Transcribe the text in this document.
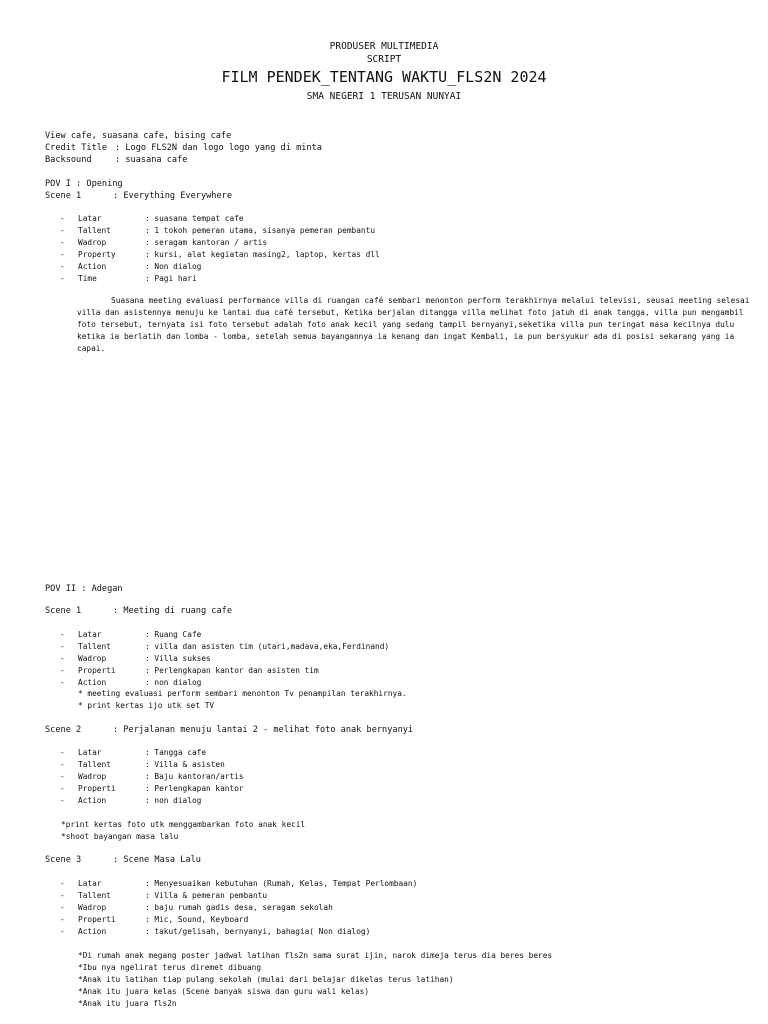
PRODUSER MULTIMEDIA
SCRIPT
FILM PENDEK_TENTANG WAKTU_FLS2N 2024
SMA NEGERI 1 TERUSAN NUNYAI
View cafe, suasana cafe, bising cafe
Credit Title : Logo FLS2N dan logo logo yang di minta
Backsound	: suasana cafe
POV I : Opening
Scene 1	: Everything Everywhere
- Latar	: suasana tempat cafe
- Tallent	: 1 tokoh pemeran utama, sisanya pemeran pembantu
- Wadrop	: seragam kantoran / artis
- Property	: kursi, alat kegiatan masing2, laptop, kertas dll
- Action	: Non dialog
- Time	: Pagi hari
Suasana meeting evaluasi performance villa di ruangan café sembari menonton perform terakhirnya melalui televisi, seusai meeting selesai
villa dan asistennya menuju ke lantai dua café tersebut, Ketika berjalan ditangga villa melihat foto jatuh di anak tangga, villa pun mengambil
foto tersebut, ternyata isi foto tersebut adalah foto anak kecil yang sedang tampil bernyanyi,seketika villa pun teringat masa kecilnya dulu
ketika ia berlatih dan lomba - lomba, setelah semua bayangannya ia kenang dan ingat Kembali, ia pun bersyukur ada di posisi sekarang yang ia
capai.
POV II : Adegan
Scene 1	: Meeting di ruang cafe
- Latar	: Ruang Cafe
- Tallent	: villa dan asisten tim (utari,madava,eka,Ferdinand)
- Wadrop	: Villa sukses
- Properti	: Perlengkapan kantor dan asisten tim
- Action	: non dialog
* meeting evaluasi perform sembari menonton Tv penampilan terakhirnya.
* print kertas ijo utk set TV
Scene 2	: Perjalanan menuju lantai 2 - melihat foto anak bernyanyi
- Latar	: Tangga cafe
- Tallent	: Villa & asisten
- Wadrop	: Baju kantoran/artis
- Properti	: Perlengkapan kantor
- Action	: non dialog
*print kertas foto utk menggambarkan foto anak kecil
*shoot bayangan masa lalu
Scene 3	: Scene Masa Lalu
- Latar	: Menyesuaikan kebutuhan (Rumah, Kelas, Tempat Perlombaan)
- Tallent	: Villa & pemeran pembantu
- Wadrop	: baju rumah gadis desa, seragam sekolah
- Properti	: Mic, Sound, Keyboard
- Action	: takut/gelisah, bernyanyi, bahagia( Non dialog)
*Di rumah anak megang poster jadwal latihan fls2n sama surat ijin, narok dimeja terus dia beres beres
*Ibu nya ngelirat terus diremet dibuang
*Anak itu latihan tiap pulang sekolah (mulai dari belajar dikelas terus latihan)
*Anak itu juara kelas (Scene banyak siswa dan guru wali kelas)
*Anak itu juara fls2n
